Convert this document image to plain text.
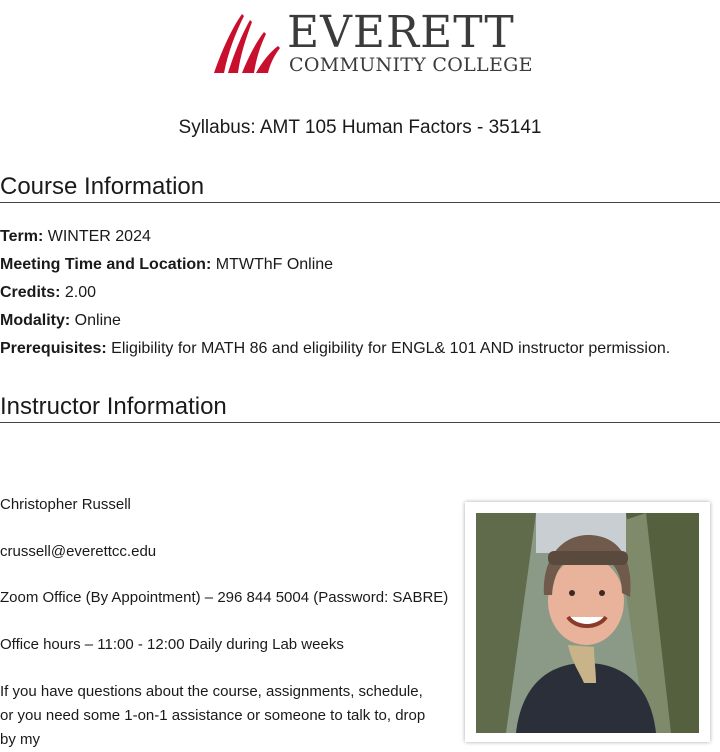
EVERETT
COMMUNITY COLLEGE
Syllabus: AMT 105 Human Factors - 35141
Course Information
Term: WINTER 2024
Meeting Time and Location: MTWThF Online
Credits: 2.00
Modality: Online
Prerequisites: Eligibility for MATH 86 and eligibility for ENGL& 101 AND instructor permission.
Instructor Information
Christopher Russell
crussell@everettcc.edu
Zoom Office (By Appointment) – 296 844 5004 (Password: SABRE)
Office hours – 11:00 - 12:00 Daily during Lab weeks
If you have questions about the course, assignments, schedule, or you need some 1-on-1 assistance or someone to talk to, drop by my
